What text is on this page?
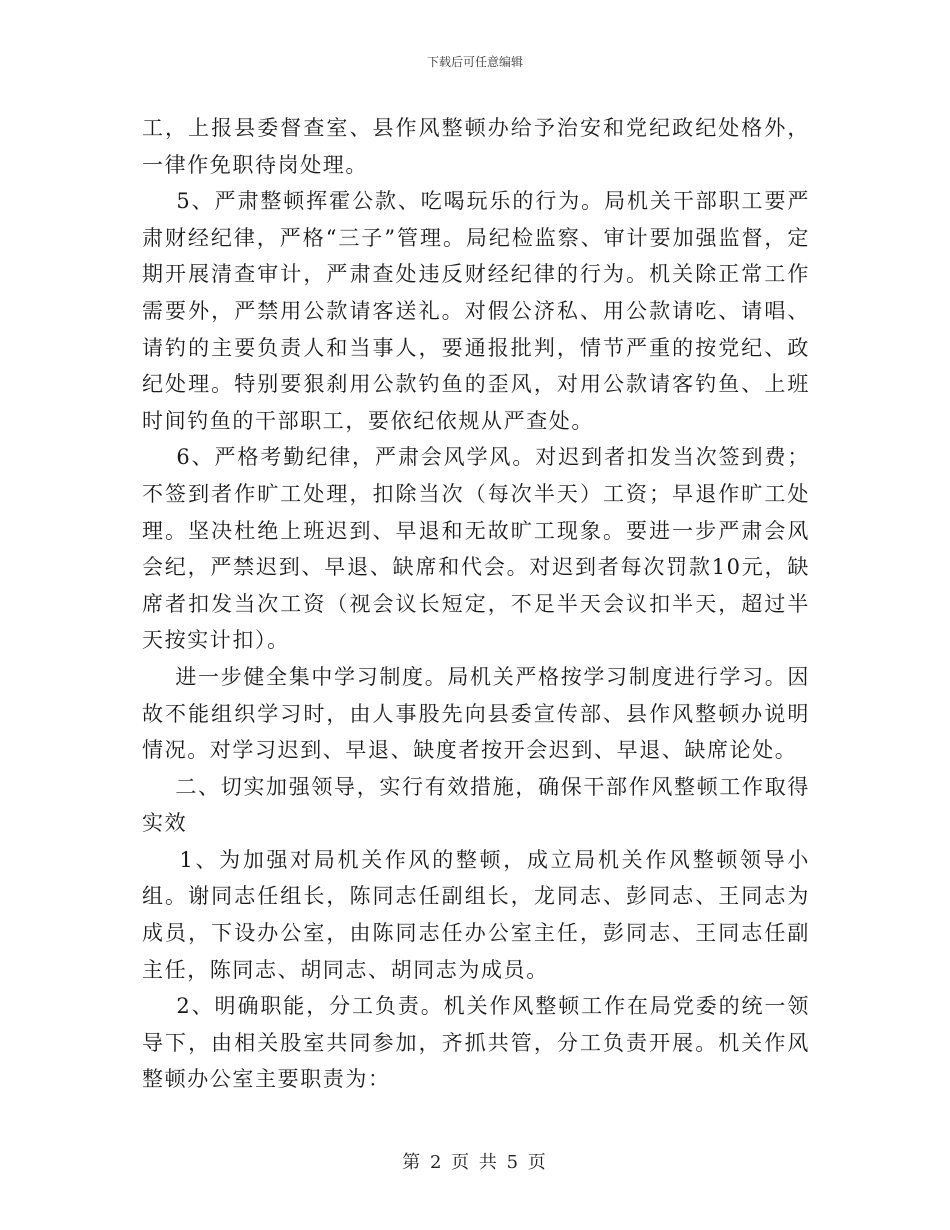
下载后可任意编辑

工，上报县委督查室、县作风整顿办给予治安和党纪政纪处格外，一律作免职待岗处理。

5、严肃整顿挥霍公款、吃喝玩乐的行为。局机关干部职工要严肃财经纪律，严格“三子”管理。局纪检监察、审计要加强监督，定期开展清查审计，严肃查处违反财经纪律的行为。机关除正常工作需要外，严禁用公款请客送礼。对假公济私、用公款请吃、请唱、请钓的主要负责人和当事人，要通报批判，情节严重的按党纪、政纪处理。特别要狠刹用公款钓鱼的歪风，对用公款请客钓鱼、上班时间钓鱼的干部职工，要依纪依规从严查处。

6、严格考勤纪律，严肃会风学风。对迟到者扣发当次签到费；不签到者作旷工处理，扣除当次（每次半天）工资；早退作旷工处理。坚决杜绝上班迟到、早退和无故旷工现象。要进一步严肃会风会纪，严禁迟到、早退、缺席和代会。对迟到者每次罚款10元，缺席者扣发当次工资（视会议长短定，不足半天会议扣半天，超过半天按实计扣）。

进一步健全集中学习制度。局机关严格按学习制度进行学习。因故不能组织学习时，由人事股先向县委宣传部、县作风整顿办说明情况。对学习迟到、早退、缺度者按开会迟到、早退、缺席论处。

二、切实加强领导，实行有效措施，确保干部作风整顿工作取得实效

1、为加强对局机关作风的整顿，成立局机关作风整顿领导小组。谢同志任组长，陈同志任副组长，龙同志、彭同志、王同志为成员，下设办公室，由陈同志任办公室主任，彭同志、王同志任副主任，陈同志、胡同志、胡同志为成员。

2、明确职能，分工负责。机关作风整顿工作在局党委的统一领导下，由相关股室共同参加，齐抓共管，分工负责开展。机关作风整顿办公室主要职责为：

第 2 页 共 5 页
